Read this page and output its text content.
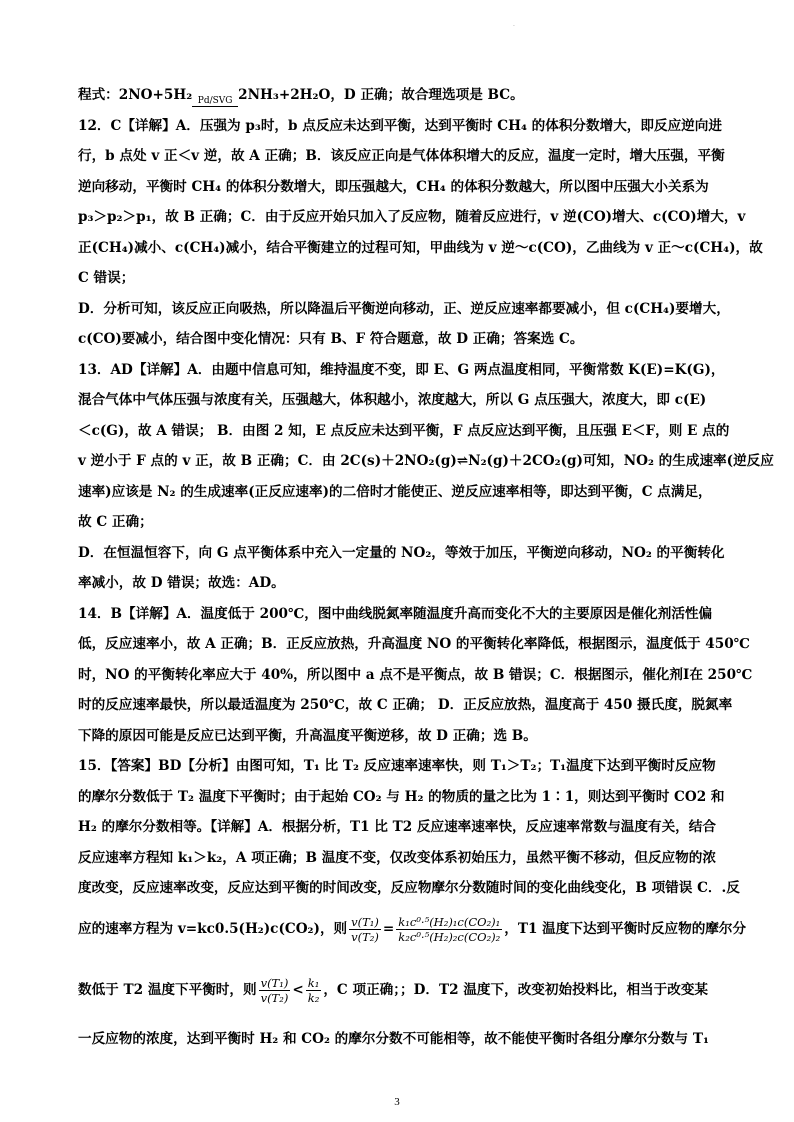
.
程式：2NO+5H₂ Pd/SVG 2NH₃+2H₂O，D 正确；故合理选项是 BC。
12．C【详解】A．压强为 p₃时，b 点反应未达到平衡，达到平衡时 CH₄ 的体积分数增大，即反应逆向进
行，b 点处 v 正＜v 逆，故 A 正确；B．该反应正向是气体体积增大的反应，温度一定时，增大压强，平衡
逆向移动，平衡时 CH₄ 的体积分数增大，即压强越大，CH₄ 的体积分数越大，所以图中压强大小关系为
p₃＞p₂＞p₁，故 B 正确；C．由于反应开始只加入了反应物，随着反应进行，v 逆(CO)增大、c(CO)增大，v
正(CH₄)减小、c(CH₄)减小，结合平衡建立的过程可知，甲曲线为 v 逆～c(CO)，乙曲线为 v 正～c(CH₄)，故
C 错误；
D．分析可知，该反应正向吸热，所以降温后平衡逆向移动，正、逆反应速率都要减小，但 c(CH₄)要增大，
c(CO)要减小，结合图中变化情况：只有 B、F 符合题意，故 D 正确；答案选 C。
13．AD【详解】A．由题中信息可知，维持温度不变，即 E、G 两点温度相同，平衡常数 K(E)=K(G)，
混合气体中气体压强与浓度有关，压强越大，体积越小，浓度越大，所以 G 点压强大，浓度大，即 c(E)
＜c(G)，故 A 错误； B．由图 2 知，E 点反应未达到平衡，F 点反应达到平衡，且压强 E＜F，则 E 点的
v 逆小于 F 点的 v 正，故 B 正确；C．由 2C(s)＋2NO₂(g)⇌N₂(g)＋2CO₂(g)可知，NO₂ 的生成速率(逆反应
速率)应该是 N₂ 的生成速率(正反应速率)的二倍时才能使正、逆反应速率相等，即达到平衡，C 点满足，
故 C 正确；
D．在恒温恒容下，向 G 点平衡体系中充入一定量的 NO₂，等效于加压，平衡逆向移动，NO₂ 的平衡转化
率减小，故 D 错误；故选：AD。
14．B【详解】A．温度低于 200℃，图中曲线脱氮率随温度升高而变化不大的主要原因是催化剂活性偏
低，反应速率小，故 A 正确；B．正反应放热，升高温度 NO 的平衡转化率降低，根据图示，温度低于 450℃
时，NO 的平衡转化率应大于 40%，所以图中 a 点不是平衡点，故 B 错误；C．根据图示，催化剂Ⅰ在 250℃
时的反应速率最快，所以最适温度为 250℃，故 C 正确； D．正反应放热，温度高于 450 摄氏度，脱氮率
下降的原因可能是反应已达到平衡，升高温度平衡逆移，故 D 正确；选 B。
15．【答案】BD【分析】由图可知，T₁ 比 T₂ 反应速率速率快，则 T₁＞T₂；T₁温度下达到平衡时反应物
的摩尔分数低于 T₂ 温度下平衡时；由于起始 CO₂ 与 H₂ 的物质的量之比为 1∶1，则达到平衡时 CO2 和
H₂ 的摩尔分数相等。【详解】A．根据分析，T1 比 T2 反应速率速率快，反应速率常数与温度有关，结合
反应速率方程知 k₁＞k₂，A 项正确；B 温度不变，仅改变体系初始压力，虽然平衡不移动，但反应物的浓
度改变，反应速率改变，反应达到平衡的时间改变，反应物摩尔分数随时间的变化曲线变化，B 项错误 C．.反
应的速率方程为 v=kc0.5(H₂)c(CO₂)，则 $\frac{\text{v(T₁)}}{\text{v(T₂)}} = \frac{\text{k₁c⁰·⁵(H₂)₁c(CO₂)₁}}{\text{k₂c⁰·⁵(H₂)₂c(CO₂)₂}}$ ，T1 温度下达到平衡时反应物的摩尔分
数低于 T2 温度下平衡时，则 $\frac{\text{v(T₁)}}{\text{v(T₂)}} < \frac{\text{k₁}}{\text{k₂}}$ ，C 项正确；；D．T2 温度下，改变初始投料比，相当于改变某
一反应物的浓度，达到平衡时 H₂ 和 CO₂ 的摩尔分数不可能相等，故不能使平衡时各组分摩尔分数与 T₁
3
